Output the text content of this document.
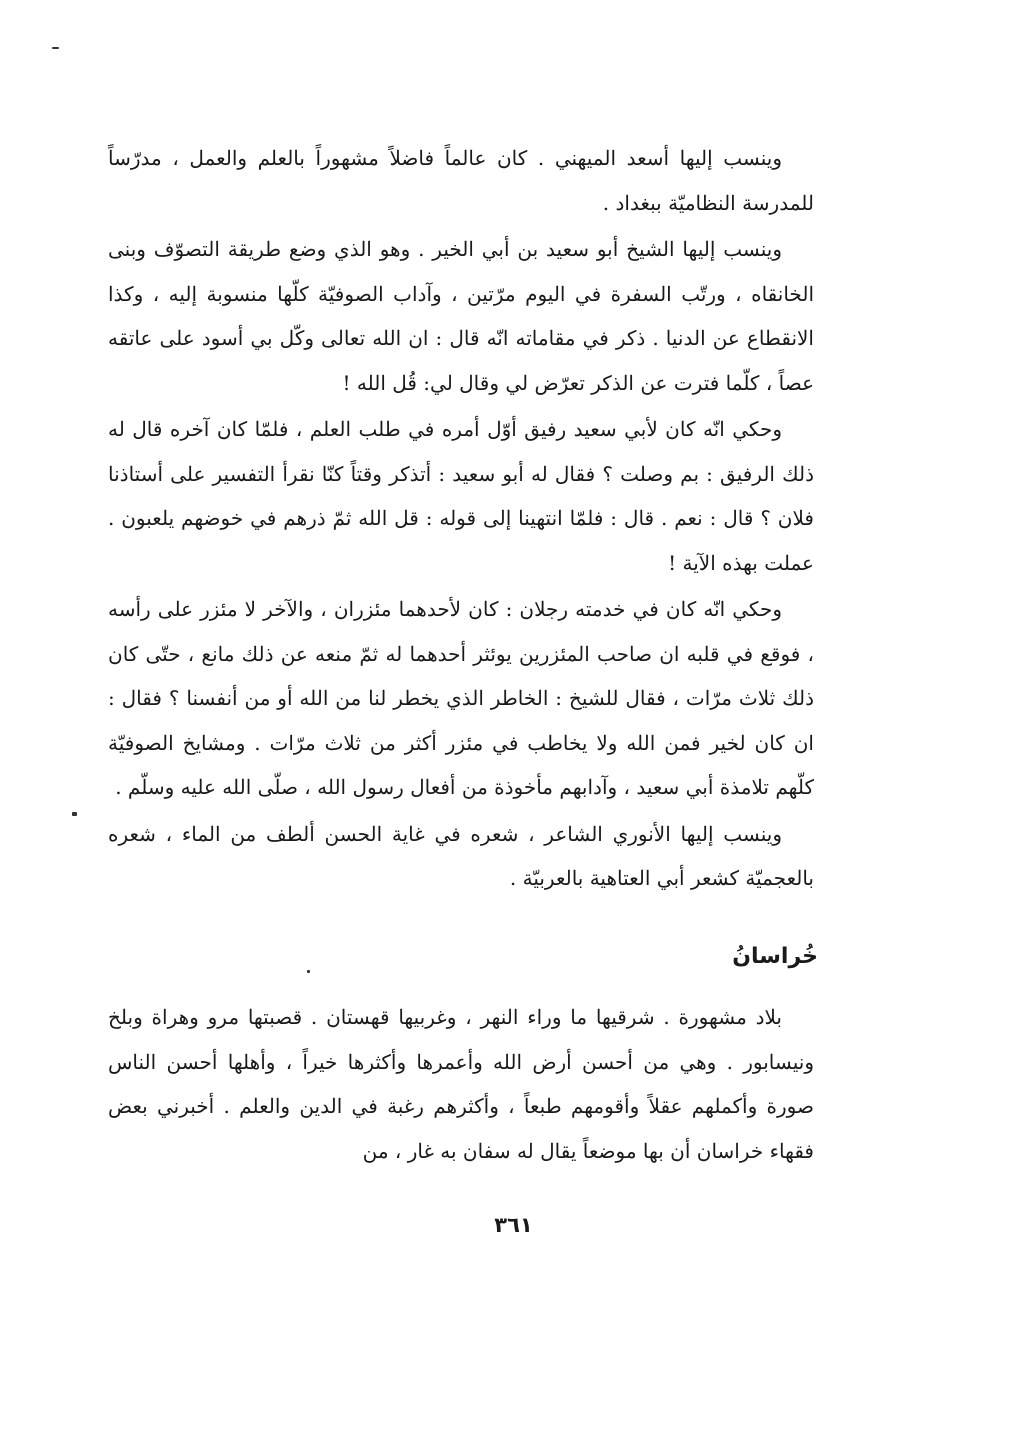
وينسب إليها أسعد الميهني . كان عالماً فاضلاً مشهوراً بالعلم والعمل ، مدرّساً للمدرسة النظاميّة ببغداد .

وينسب إليها الشيخ أبو سعيد بن أبي الخير . وهو الذي وضع طريقة التصوّف وبنى الخانقاه ، ورتّب السفرة في اليوم مرّتين ، وآداب الصوفيّة كلّها منسوبة إليه ، وكذا الانقطاع عن الدنيا . ذكر في مقاماته انّه قال : ان الله تعالى وكّل بي أسود على عاتقه عصاً ، كلّما فترت عن الذكر تعرّض لي وقال لي: قُل الله !

وحكي انّه كان لأبي سعيد رفيق أوّل أمره في طلب العلم ، فلمّا كان آخره قال له ذلك الرفيق : بم وصلت ؟ فقال له أبو سعيد : أتذكر وقتاً كنّا نقرأ التفسير على أستاذنا فلان ؟ قال : نعم . قال : فلمّا انتهينا إلى قوله : قل الله ثمّ ذرهم في خوضهم يلعبون . عملت بهذه الآية !

وحكي انّه كان في خدمته رجلان : كان لأحدهما مئزران ، والآخر لا مئزر على رأسه ، فوقع في قلبه ان صاحب المئزرين يوئثر أحدهما له ثمّ منعه عن ذلك مانع ، حتّى كان ذلك ثلاث مرّات ، فقال للشيخ : الخاطر الذي يخطر لنا من الله أو من أنفسنا ؟ فقال : ان كان لخير فمن الله ولا يخاطب في مئزر أكثر من ثلاث مرّات . ومشايخ الصوفيّة كلّهم تلامذة أبي سعيد ، وآدابهم مأخوذة من أفعال رسول الله ، صلّى الله عليه وسلّم .

وينسب إليها الأنوري الشاعر ، شعره في غاية الحسن ألطف من الماء ، شعره بالعجميّة كشعر أبي العتاهية بالعربيّة .

خُراسانُ

بلاد مشهورة . شرقيها ما وراء النهر ، وغربيها قهستان . قصبتها مرو وهراة وبلخ ونيسابور . وهي من أحسن أرض الله وأعمرها وأكثرها خيراً ، وأهلها أحسن الناس صورة وأكملهم عقلاً وأقومهم طبعاً ، وأكثرهم رغبة في الدين والعلم . أخبرني بعض فقهاء خراسان أن بها موضعاً يقال له سفان به غار ، من

٣٦١
